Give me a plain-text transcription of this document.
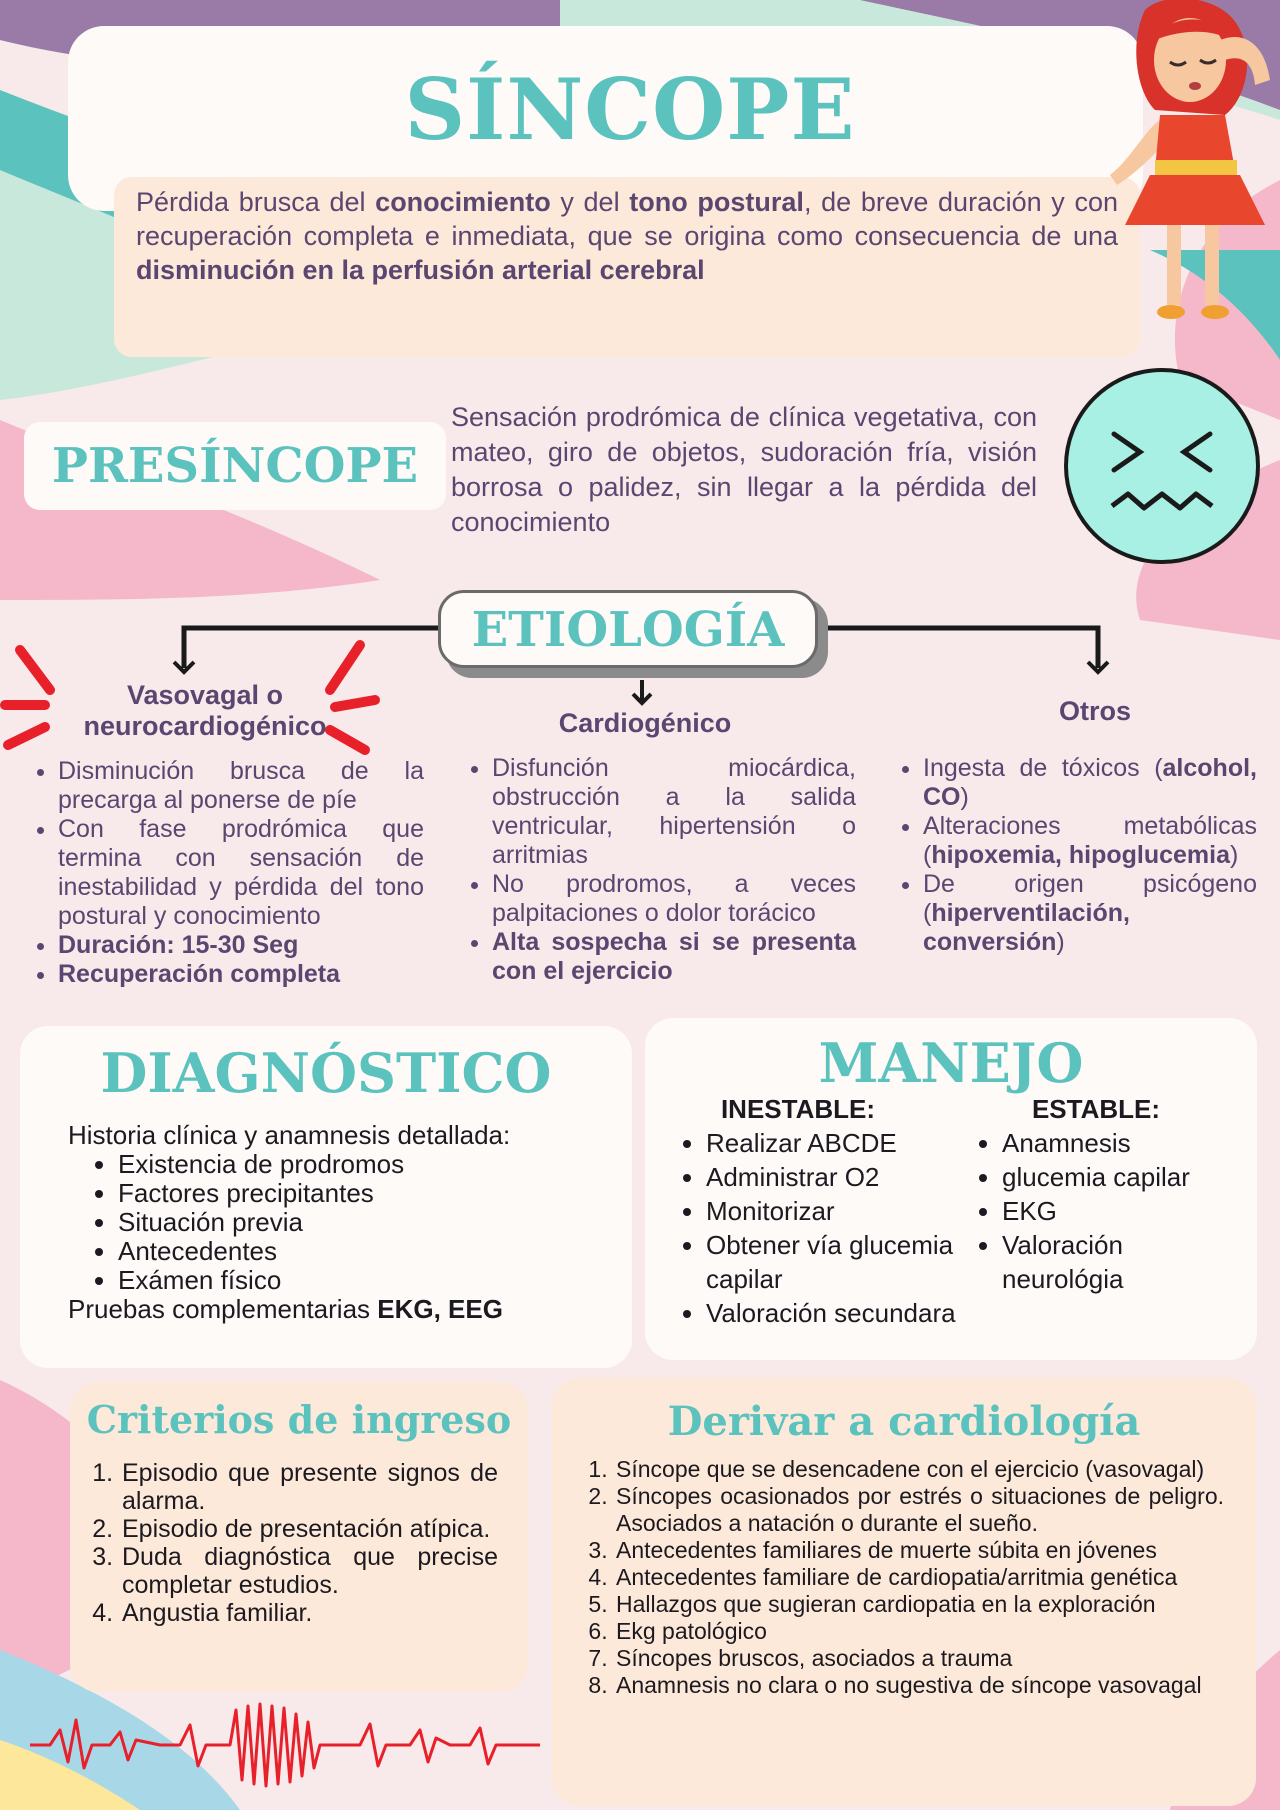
SÍNCOPE
Pérdida brusca del conocimiento y del tono postural, de breve duración y con recuperación completa e inmediata, que se origina como consecuencia de una disminución en la perfusión arterial cerebral
PRESÍNCOPE
Sensación prodrómica de clínica vegetativa, con mateo, giro de objetos, sudoración fría, visión borrosa o palidez, sin llegar a la pérdida del conocimiento
ETIOLOGÍA
Vasovagal o
neurocardiogénico
• Disminución brusca de la precarga al ponerse de píe
• Con fase prodrómica que termina con sensación de inestabilidad y pérdida del tono postural y conocimiento
• Duración: 15-30 Seg
• Recuperación completa
Cardiogénico
• Disfunción miocárdica, obstrucción a la salida ventricular, hipertensión o arritmias
• No prodromos, a veces palpitaciones o dolor torácico
• Alta sospecha si se presenta con el ejercicio
Otros
• Ingesta de tóxicos (alcohol, CO)
• Alteraciones metabólicas (hipoxemia, hipoglucemia)
• De origen psicógeno (hiperventilación, conversión)
DIAGNÓSTICO
Historia clínica y anamnesis detallada:
• Existencia de prodromos
• Factores precipitantes
• Situación previa
• Antecedentes
• Exámen físico
Pruebas complementarias EKG, EEG
MANEJO
INESTABLE:
• Realizar ABCDE
• Administrar O2
• Monitorizar
• Obtener vía glucemia capilar
• Valoración secundara
ESTABLE:
• Anamnesis
• glucemia capilar
• EKG
• Valoración neurológia
Criterios de ingreso
1. Episodio que presente signos de alarma.
2. Episodio de presentación atípica.
3. Duda diagnóstica que precise completar estudios.
4. Angustia familiar.
Derivar a cardiología
1. Síncope que se desencadene con el ejercicio (vasovagal)
2. Síncopes ocasionados por estrés o situaciones de peligro. Asociados a natación o durante el sueño.
3. Antecedentes familiares de muerte súbita en jóvenes
4. Antecedentes familiare de cardiopatia/arritmia genética
5. Hallazgos que sugieran cardiopatia en la exploración
6. Ekg patológico
7. Síncopes bruscos, asociados a trauma
8. Anamnesis no clara o no sugestiva de síncope vasovagal
